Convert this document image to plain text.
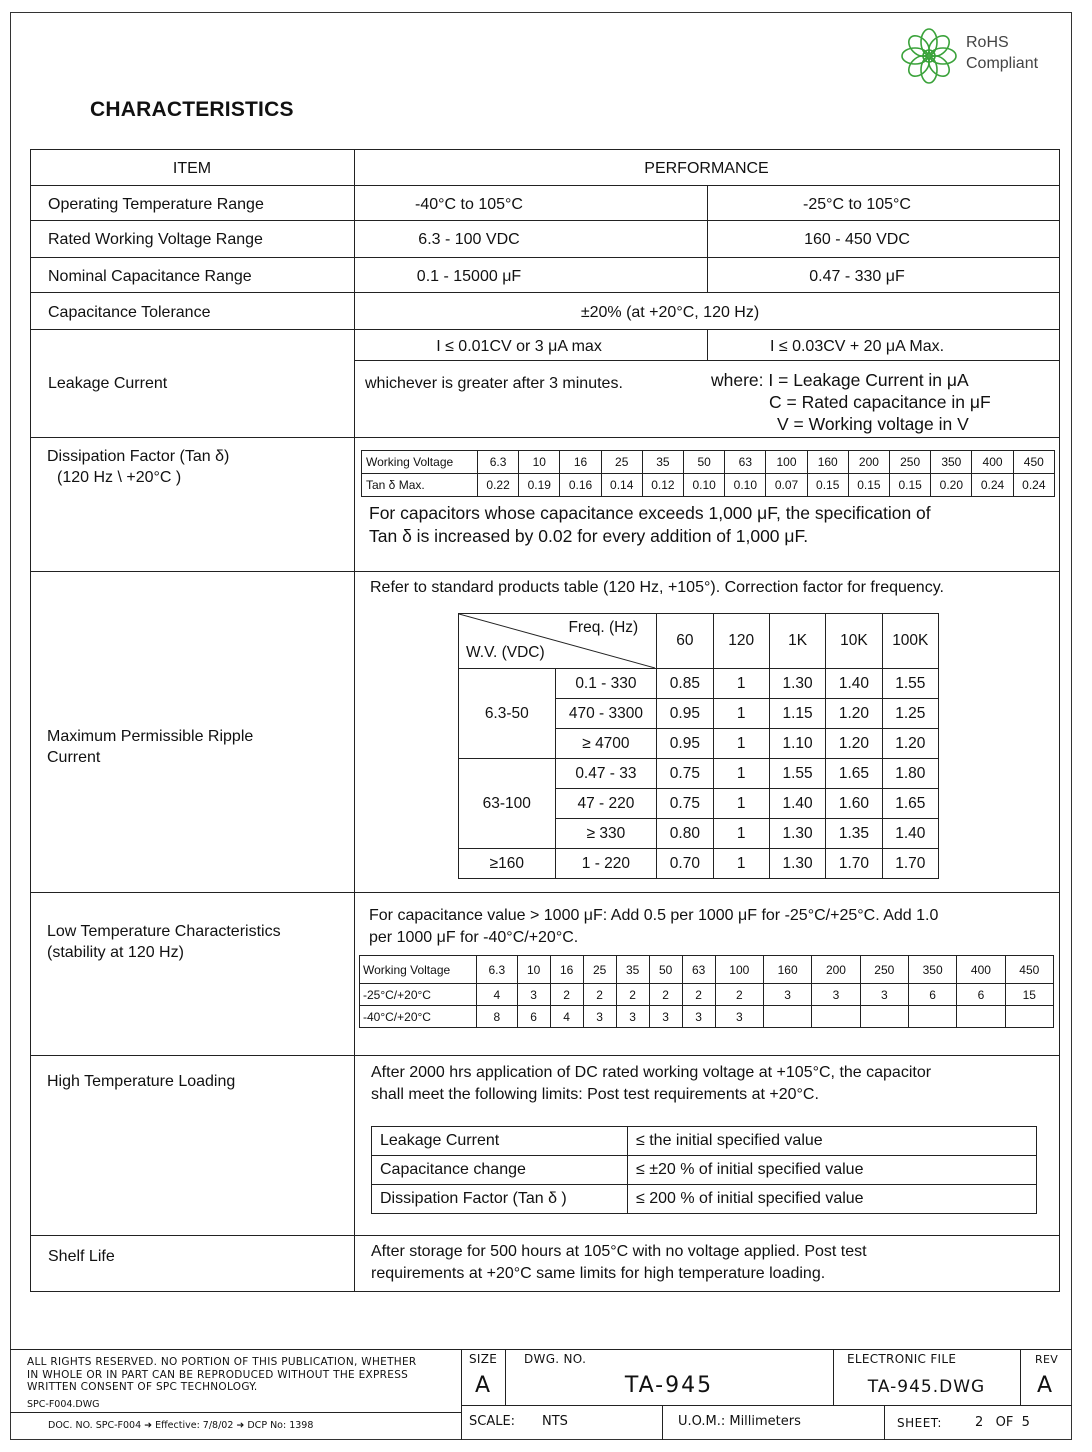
RoHS
Compliant
CHARACTERISTICS
ITEM	PERFORMANCE
Operating Temperature Range	-40°C to 105°C	-25°C to 105°C
Rated Working Voltage Range	6.3 - 100 VDC	160 - 450 VDC
Nominal Capacitance Range	0.1 - 15000 μF	0.47 - 330 μF
Capacitance Tolerance	±20% (at +20°C, 120 Hz)
Leakage Current
I ≤ 0.01CV or 3 μA max	I ≤ 0.03CV + 20 μA Max.
whichever is greater after 3 minutes.	where: I = Leakage Current in μA
C = Rated capacitance in μF
V = Working voltage in V
Dissipation Factor (Tan δ)
(120 Hz \ +20°C )
Working Voltage	6.3	10	16	25	35	50	63	100	160	200	250	350	400	450
Tan δ Max.	0.22	0.19	0.16	0.14	0.12	0.10	0.10	0.07	0.15	0.15	0.15	0.20	0.24	0.24
For capacitors whose capacitance exceeds 1,000 μF, the specification of
Tan δ is increased by 0.02 for every addition of 1,000 μF.
Maximum Permissible Ripple
Current
Refer to standard products table (120 Hz, +105°). Correction factor for frequency.
Freq. (Hz)
W.V. (VDC)		60	120	1K	10K	100K
6.3-50	0.1 - 330	0.85	1	1.30	1.40	1.55
	470 - 3300	0.95	1	1.15	1.20	1.25
	≥ 4700	0.95	1	1.10	1.20	1.20
63-100	0.47 - 33	0.75	1	1.55	1.65	1.80
	47 - 220	0.75	1	1.40	1.60	1.65
	≥ 330	0.80	1	1.30	1.35	1.40
≥160	1 - 220	0.70	1	1.30	1.70	1.70
Low Temperature Characteristics
(stability at 120 Hz)
For capacitance value > 1000 μF: Add 0.5 per 1000 μF for -25°C/+25°C. Add 1.0
per 1000 μF for -40°C/+20°C.
Working Voltage	6.3	10	16	25	35	50	63	100	160	200	250	350	400	450
-25°C/+20°C	4	3	2	2	2	2	2	2	3	3	3	6	6	15
-40°C/+20°C	8	6	4	3	3	3	3	3						
High Temperature Loading
After 2000 hrs application of DC rated working voltage at +105°C, the capacitor
shall meet the following limits: Post test requirements at +20°C.
Leakage Current	≤ the initial specified value
Capacitance change	≤ ±20 % of initial specified value
Dissipation Factor (Tan δ )	≤ 200 % of initial specified value
Shelf Life	After storage for 500 hours at 105°C with no voltage applied. Post test
requirements at +20°C same limits for high temperature loading.
ALL RIGHTS RESERVED. NO PORTION OF THIS PUBLICATION, WHETHER
IN WHOLE OR IN PART CAN BE REPRODUCED WITHOUT THE EXPRESS
WRITTEN CONSENT OF SPC TECHNOLOGY.
SPC-F004.DWG
DOC. NO. SPC-F004 ➜ Effective: 7/8/02 ➜ DCP No: 1398
SIZE
A
DWG. NO.
TA-945
ELECTRONIC FILE
TA-945.DWG
REV
A
SCALE: NTS	U.O.M.: Millimeters	SHEET:	2   OF  5
